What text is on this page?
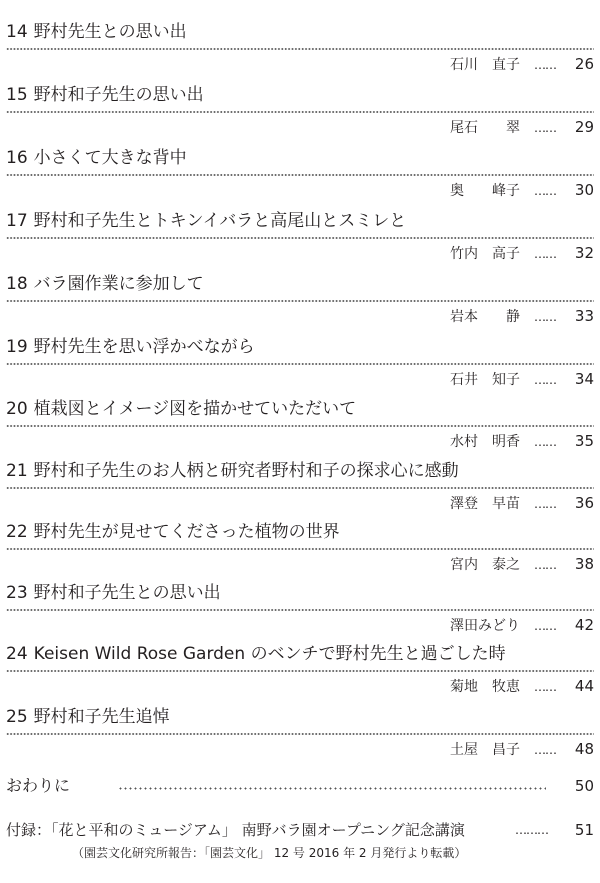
14 野村先生との思い出
石川　直子 …… 26
15 野村和子先生の思い出
尾石　　翠 …… 29
16 小さくて大きな背中
奥　　峰子 …… 30
17 野村和子先生とトキンイバラと高尾山とスミレと
竹内　高子 …… 32
18 バラ園作業に参加して
岩本　　静 …… 33
19 野村先生を思い浮かべながら
石井　知子 …… 34
20 植栽図とイメージ図を描かせていただいて
水村　明香 …… 35
21 野村和子先生のお人柄と研究者野村和子の探求心に感動
澤登　早苗 …… 36
22 野村先生が見せてくださった植物の世界
宮内　泰之 …… 38
23 野村和子先生との思い出
澤田みどり …… 42
24 Keisen Wild Rose Garden のベンチで野村先生と過ごした時
菊地　牧恵 …… 44
25 野村和子先生追悼
土屋　昌子 …… 48
おわりに	50
付録：「花と平和のミュージアム」 南野バラ園オープニング記念講演	………	51
（園芸文化研究所報告：「園芸文化」 12 号 2016 年 2 月発行より転載）
